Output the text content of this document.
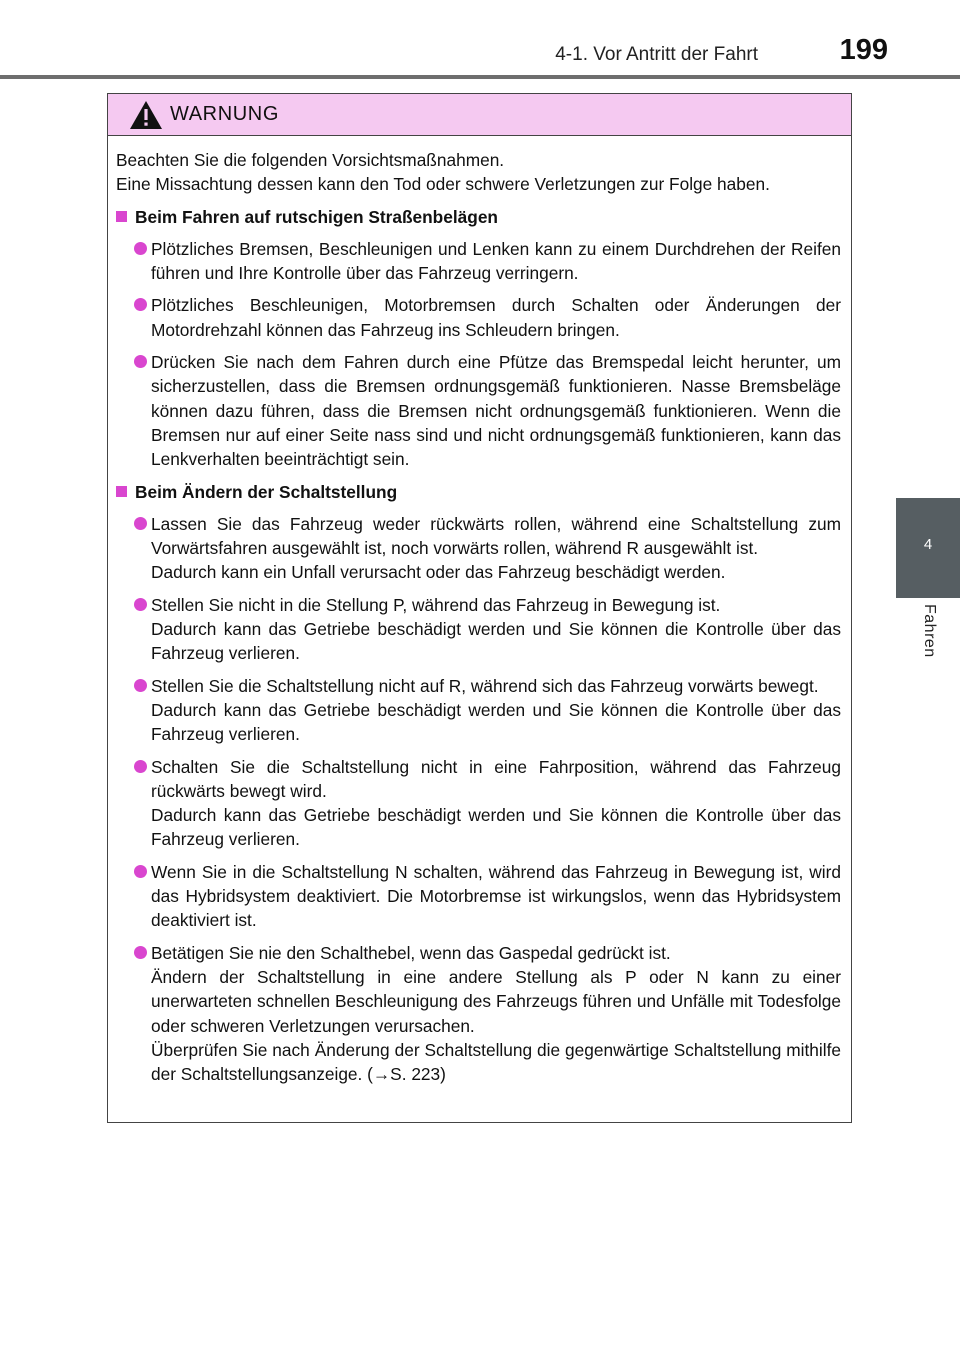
4-1. Vor Antritt der Fahrt	199
4
Fahren
WARNUNG

Beachten Sie die folgenden Vorsichtsmaßnahmen.
Eine Missachtung dessen kann den Tod oder schwere Verletzungen zur Folge haben.

Beim Fahren auf rutschigen Straßenbelägen
Plötzliches Bremsen, Beschleunigen und Lenken kann zu einem Durchdrehen der Reifen führen und Ihre Kontrolle über das Fahrzeug verringern.
Plötzliches Beschleunigen, Motorbremsen durch Schalten oder Änderungen der Motordrehzahl können das Fahrzeug ins Schleudern bringen.
Drücken Sie nach dem Fahren durch eine Pfütze das Bremspedal leicht herunter, um sicherzustellen, dass die Bremsen ordnungsgemäß funktionieren. Nasse Bremsbeläge können dazu führen, dass die Bremsen nicht ordnungsgemäß funktionieren. Wenn die Bremsen nur auf einer Seite nass sind und nicht ordnungsgemäß funktionieren, kann das Lenkverhalten beeinträchtigt sein.
Beim Ändern der Schaltstellung
Lassen Sie das Fahrzeug weder rückwärts rollen, während eine Schaltstellung zum Vorwärtsfahren ausgewählt ist, noch vorwärts rollen, während R ausgewählt ist.
Dadurch kann ein Unfall verursacht oder das Fahrzeug beschädigt werden.
Stellen Sie nicht in die Stellung P, während das Fahrzeug in Bewegung ist.
Dadurch kann das Getriebe beschädigt werden und Sie können die Kontrolle über das Fahrzeug verlieren.
Stellen Sie die Schaltstellung nicht auf R, während sich das Fahrzeug vorwärts bewegt.
Dadurch kann das Getriebe beschädigt werden und Sie können die Kontrolle über das Fahrzeug verlieren.
Schalten Sie die Schaltstellung nicht in eine Fahrposition, während das Fahrzeug rückwärts bewegt wird.
Dadurch kann das Getriebe beschädigt werden und Sie können die Kontrolle über das Fahrzeug verlieren.
Wenn Sie in die Schaltstellung N schalten, während das Fahrzeug in Bewegung ist, wird das Hybridsystem deaktiviert. Die Motorbremse ist wirkungslos, wenn das Hybridsystem deaktiviert ist.
Betätigen Sie nie den Schalthebel, wenn das Gaspedal gedrückt ist.
Ändern der Schaltstellung in eine andere Stellung als P oder N kann zu einer unerwarteten schnellen Beschleunigung des Fahrzeugs führen und Unfälle mit Todesfolge oder schweren Verletzungen verursachen.
Überprüfen Sie nach Änderung der Schaltstellung die gegenwärtige Schaltstellung mithilfe der Schaltstellungsanzeige. (→S. 223)
